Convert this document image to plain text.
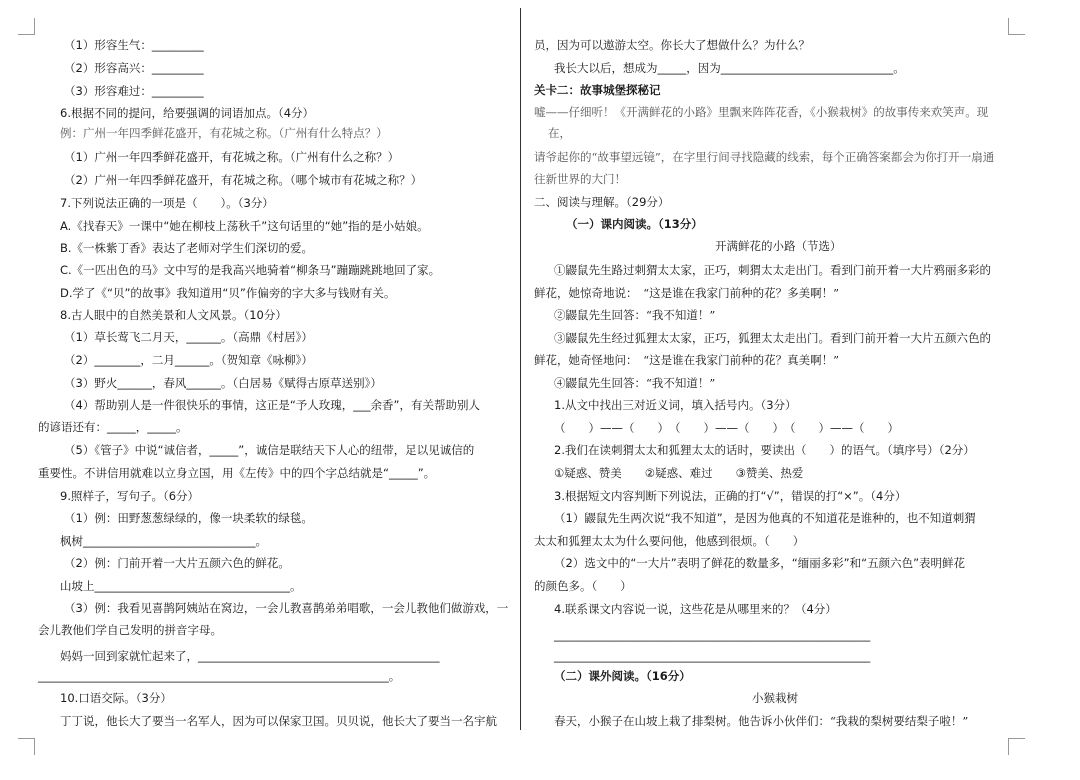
（1）形容生气：_________
（2）形容高兴：_________
（3）形容难过：_________
6.根据不同的提问，给要强调的词语加点。（4分）
例：广州一年四季鲜花盛开，有花城之称。（广州有什么特点？）
（1）广州一年四季鲜花盛开，有花城之称。（广州有什么之称？）
（2）广州一年四季鲜花盛开，有花城之称。（哪个城市有花城之称？）
7.下列说法正确的一项是（　　）。（3分）
A.《找春天》一课中“她在柳枝上荡秋千”这句话里的“她”指的是小姑娘。
B.《一株紫丁香》表达了老师对学生们深切的爱。
C.《一匹出色的马》文中写的是我高兴地骑着“柳条马”蹦蹦跳跳地回了家。
D.学了《“贝”的故事》我知道用“贝”作偏旁的字大多与钱财有关。
8.古人眼中的自然美景和人文风景。（10分）
（1）草长莺飞二月天，______。（高鼎《村居》）
（2）________，二月______。（贺知章《咏柳》）
（3）野火______，春风______。（白居易《赋得古原草送别》）
（4）帮助别人是一件很快乐的事情，这正是“予人玫瑰，___余香”，有关帮助别人
的谚语还有：_____，_____。
（5）《管子》中说“诚信者，_____”，诚信是联结天下人心的纽带，足以见诚信的
重要性。不讲信用就难以立身立国，用《左传》中的四个字总结就是“_____”。
9.照样子，写句子。（6分）
（1）例：田野葱葱绿绿的，像一块柔软的绿毯。
枫树______________________________。
（2）例：门前开着一大片五颜六色的鲜花。
山坡上__________________________________。
（3）例：我看见喜鹊阿姨站在窝边，一会儿教喜鹊弟弟唱歌，一会儿教他们做游戏，一
会儿教他们学自己发明的拼音字母。
妈妈一回到家就忙起来了，__________________________________________
_____________________________________________________________。
10.口语交际。（3分）
丁丁说，他长大了要当一名军人，因为可以保家卫国。贝贝说，他长大了要当一名宇航
员，因为可以遨游太空。你长大了想做什么？为什么？
我长大以后，想成为_____，因为______________________________。
关卡二：故事城堡探秘记
嘘——仔细听！《开满鲜花的小路》里飘来阵阵花香，《小猴栽树》的故事传来欢笑声。现
在，
请爷起你的“故事望远镜”，在字里行间寻找隐藏的线索，每个正确答案都会为你打开一扇通
往新世界的大门！
二、阅读与理解。（29分）
（一）课内阅读。（13分）
开满鲜花的小路（节选）
①鼹鼠先生路过刺猬太太家，正巧，刺猬太太走出门。看到门前开着一大片鸦丽多彩的
鲜花，她惊奇地说：　“这是谁在我家门前种的花？多美啊！”
②鼹鼠先生回答：“我不知道！”
③鼹鼠先生经过狐狸太太家，正巧，狐狸太太走出门。看到门前开着一大片五颜六色的
鲜花，她奇怪地问：　“这是谁在我家门前种的花？真美啊！”
④鼹鼠先生回答：“我不知道！”
1.从文中找出三对近义词，填入括号内。（3分）
（　　）——（　　）　（　　）——（　　）　（　　）——（　　）
2.我们在读刺猬太太和狐狸太太的话时，要读出（　　）的语气。（填序号）（2分）
①疑惑、赞美　　②疑惑、难过　　③赞美、热爱
3.根据短文内容判断下列说法，正确的打“√”，错误的打“×”。（4分）
（1）鼹鼠先生两次说“我不知道”，是因为他真的不知道花是谁种的，也不知道刺猬
太太和狐狸太太为什么要问他，他感到很烦。（　　）
（2）选文中的“一大片”表明了鲜花的数量多，“缅丽多彩”和“五颜六色”表明鲜花
的颜色多。（　　）
4.联系课文内容说一说，这些花是从哪里来的？（4分）
_______________________________________________________
_______________________________________________________
（二）课外阅读。（16分）
小猴栽树
春天，小猴子在山坡上栽了排梨树。他告诉小伙伴们：“我栽的梨树要结梨子啦！”
